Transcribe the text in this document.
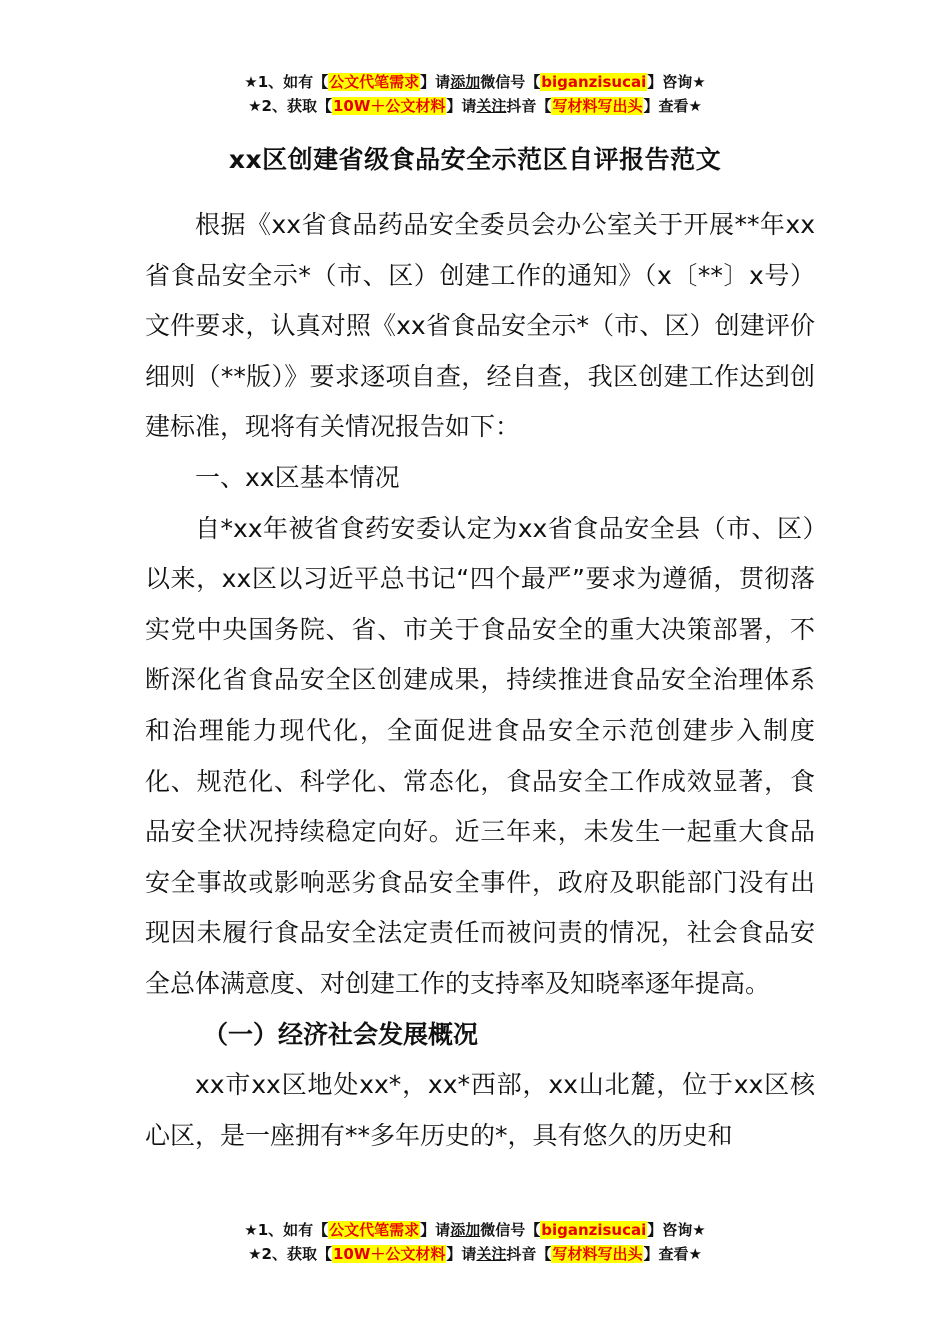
★1、如有【公文代笔需求】请添加微信号【biganzisucai】咨询★
★2、获取【10W＋公文材料】请关注抖音【写材料写出头】查看★
xx区创建省级食品安全示范区自评报告范文

根据《xx省食品药品安全委员会办公室关于开展**年xx省食品安全示*（市、区）创建工作的通知》（x〔**〕x号）文件要求，认真对照《xx省食品安全示*（市、区）创建评价细则（**版）》要求逐项自查，经自查，我区创建工作达到创建标准，现将有关情况报告如下：

一、xx区基本情况

自*xx年被省食药安委认定为xx省食品安全县（市、区）以来，xx区以习近平总书记“四个最严”要求为遵循，贯彻落实党中央国务院、省、市关于食品安全的重大决策部署，不断深化省食品安全区创建成果，持续推进食品安全治理体系和治理能力现代化，全面促进食品安全示范创建步入制度化、规范化、科学化、常态化，食品安全工作成效显著，食品安全状况持续稳定向好。近三年来，未发生一起重大食品安全事故或影响恶劣食品安全事件，政府及职能部门没有出现因未履行食品安全法定责任而被问责的情况，社会食品安全总体满意度、对创建工作的支持率及知晓率逐年提高。

（一）经济社会发展概况

xx市xx区地处xx*，xx*西部，xx山北麓，位于xx区核心区，是一座拥有**多年历史的*，具有悠久的历史和

★1、如有【公文代笔需求】请添加微信号【biganzisucai】咨询★
★2、获取【10W＋公文材料】请关注抖音【写材料写出头】查看★
